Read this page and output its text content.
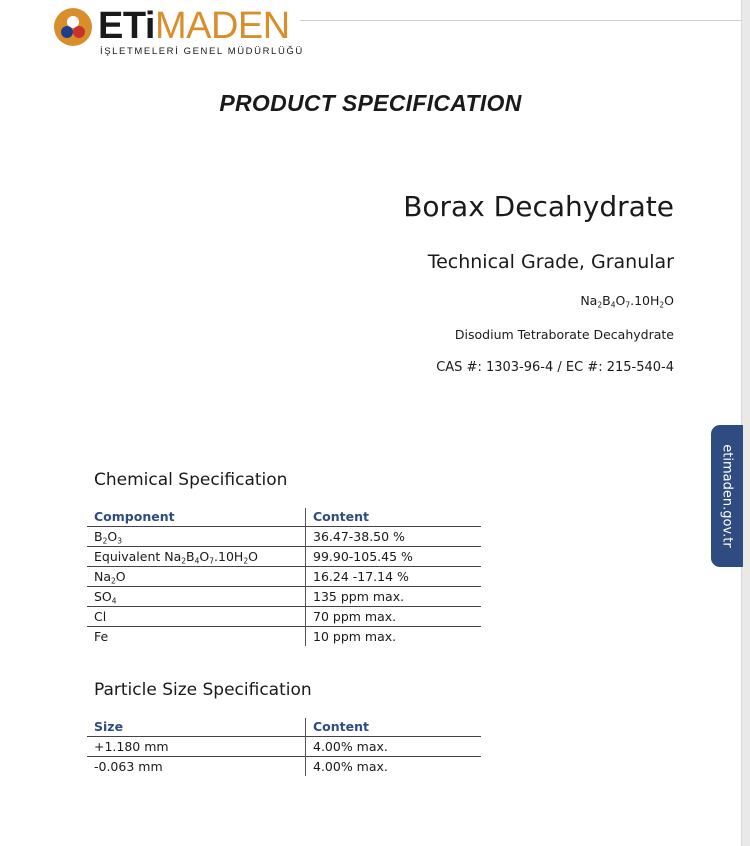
ETiMADEN
İŞLETMELERİ GENEL MÜDÜRLÜĞÜ
PRODUCT SPECIFICATION
Borax Decahydrate
Technical Grade, Granular
$Na_2B_4O_7.10H_2O$
Disodium Tetraborate Decahydrate
CAS #: 1303-96-4 / EC #: 215-540-4
Chemical Specification
Component	Content
$B_2O_3$	36.47-38.50 %
Equivalent $Na_2B_4O_7.10H_2O$	99.90-105.45 %
$Na_2O$	16.24 -17.14 %
$SO_4$	135 ppm max.
Cl	70 ppm max.
Fe	10 ppm max.
Particle Size Specification
Size	Content
+1.180 mm	4.00% max.
-0.063 mm	4.00% max.
etimaden.gov.tr
